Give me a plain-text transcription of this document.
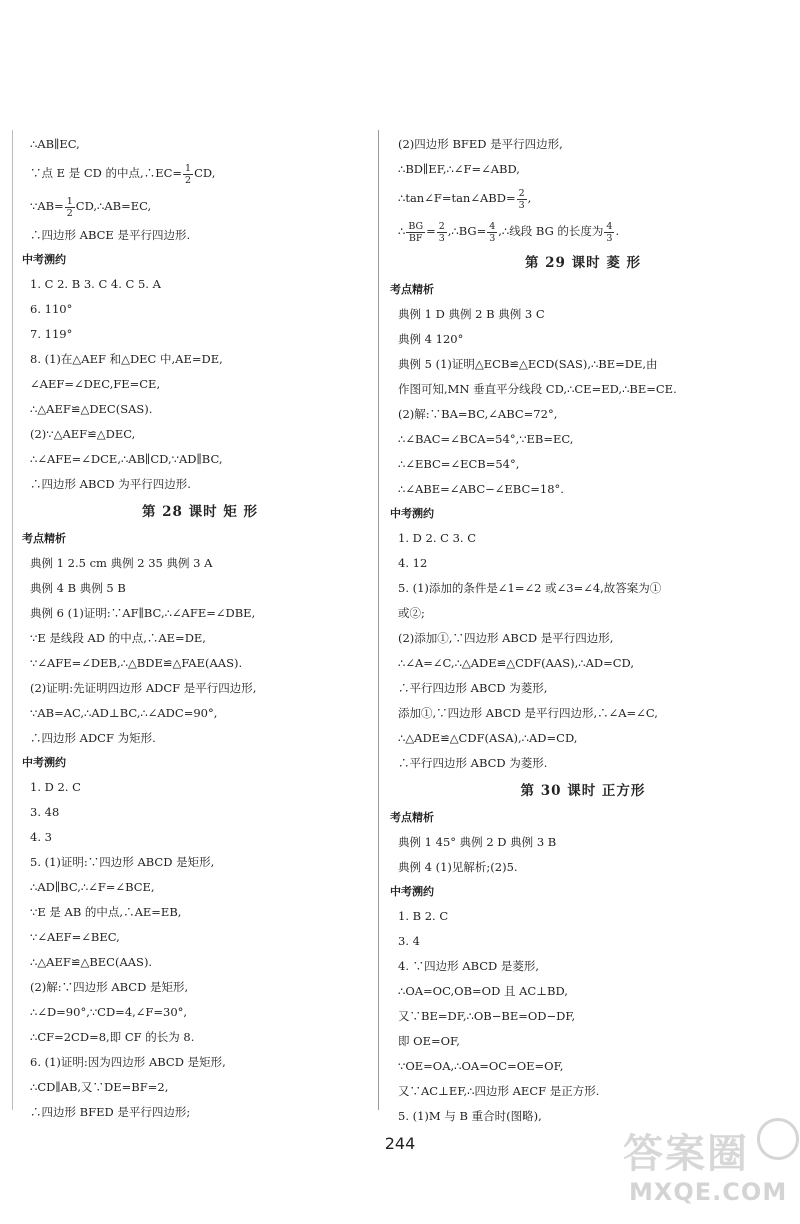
∴AB∥EC,
∵点 E 是 CD 的中点,∴EC= $\frac{1}{2}$ CD,
∵AB= $\frac{1}{2}$ CD,∴AB=EC,
∴四边形 ABCE 是平行四边形.
中考溯约
1. C 2. B 3. C 4. C 5. A
6. 110°
7. 119°
8. (1)在△AEF 和△DEC 中,AE=DE,
∠AEF=∠DEC,FE=CE,
∴△AEF≌△DEC(SAS).
(2)∵△AEF≌△DEC,
∴∠AFE=∠DCE,∴AB∥CD,∵AD∥BC,
∴四边形 ABCD 为平行四边形.
第 28 课时 矩 形
考点精析
典例 1 2.5 cm 典例 2 35 典例 3 A
典例 4 B 典例 5 B
典例 6 (1)证明:∵AF∥BC,∴∠AFE=∠DBE,
∵E 是线段 AD 的中点,∴AE=DE,
∵∠AFE=∠DEB,∴△BDE≌△FAE(AAS).
(2)证明:先证明四边形 ADCF 是平行四边形,
∵AB=AC,∴AD⊥BC,∴∠ADC=90°,
∴四边形 ADCF 为矩形.
中考溯约
1. D 2. C
3. 48
4. 3
5. (1)证明:∵四边形 ABCD 是矩形,
∴AD∥BC,∴∠F=∠BCE,
∵E 是 AB 的中点,∴AE=EB,
∵∠AEF=∠BEC,
∴△AEF≌△BEC(AAS).
(2)解:∵四边形 ABCD 是矩形,
∴∠D=90°,∵CD=4,∠F=30°,
∴CF=2CD=8,即 CF 的长为 8.
6. (1)证明:因为四边形 ABCD 是矩形,
∴CD∥AB,又∵DE=BF=2,
∴四边形 BFED 是平行四边形;
(2)四边形 BFED 是平行四边形,
∴BD∥EF,∴∠F=∠ABD,
∴tan∠F=tan∠ABD= $\frac{2}{3}$ ,
∴ $\frac{BG}{BF} = \frac{2}{3}$ ,∴BG= $\frac{4}{3}$ ,∴线段 BG 的长度为 $\frac{4}{3}$ .
第 29 课时 菱 形
考点精析
典例 1 D 典例 2 B 典例 3 C
典例 4 120°
典例 5 (1)证明△ECB≌△ECD(SAS),∴BE=DE,由
作图可知,MN 垂直平分线段 CD,∴CE=ED,∴BE=CE.
(2)解:∵BA=BC,∠ABC=72°,
∴∠BAC=∠BCA=54°,∵EB=EC,
∴∠EBC=∠ECB=54°,
∴∠ABE=∠ABC−∠EBC=18°.
中考溯约
1. D 2. C 3. C
4. 12
5. (1)添加的条件是∠1=∠2 或∠3=∠4,故答案为①
或②;
(2)添加①,∵四边形 ABCD 是平行四边形,
∴∠A=∠C,∴△ADE≌△CDF(AAS),∴AD=CD,
∴平行四边形 ABCD 为菱形,
添加①,∵四边形 ABCD 是平行四边形,∴∠A=∠C,
∴△ADE≌△CDF(ASA),∴AD=CD,
∴平行四边形 ABCD 为菱形.
第 30 课时 正方形
考点精析
典例 1 45° 典例 2 D 典例 3 B
典例 4 (1)见解析;(2)5.
中考溯约
1. B 2. C
3. 4
4. ∵四边形 ABCD 是菱形,
∴OA=OC,OB=OD 且 AC⊥BD,
又∵BE=DF,∴OB−BE=OD−DF,
即 OE=OF,
∵OE=OA,∴OA=OC=OE=OF,
又∵AC⊥EF,∴四边形 AECF 是正方形.
5. (1)M 与 B 重合时(图略),
244	答案圈
MXQE.COM
